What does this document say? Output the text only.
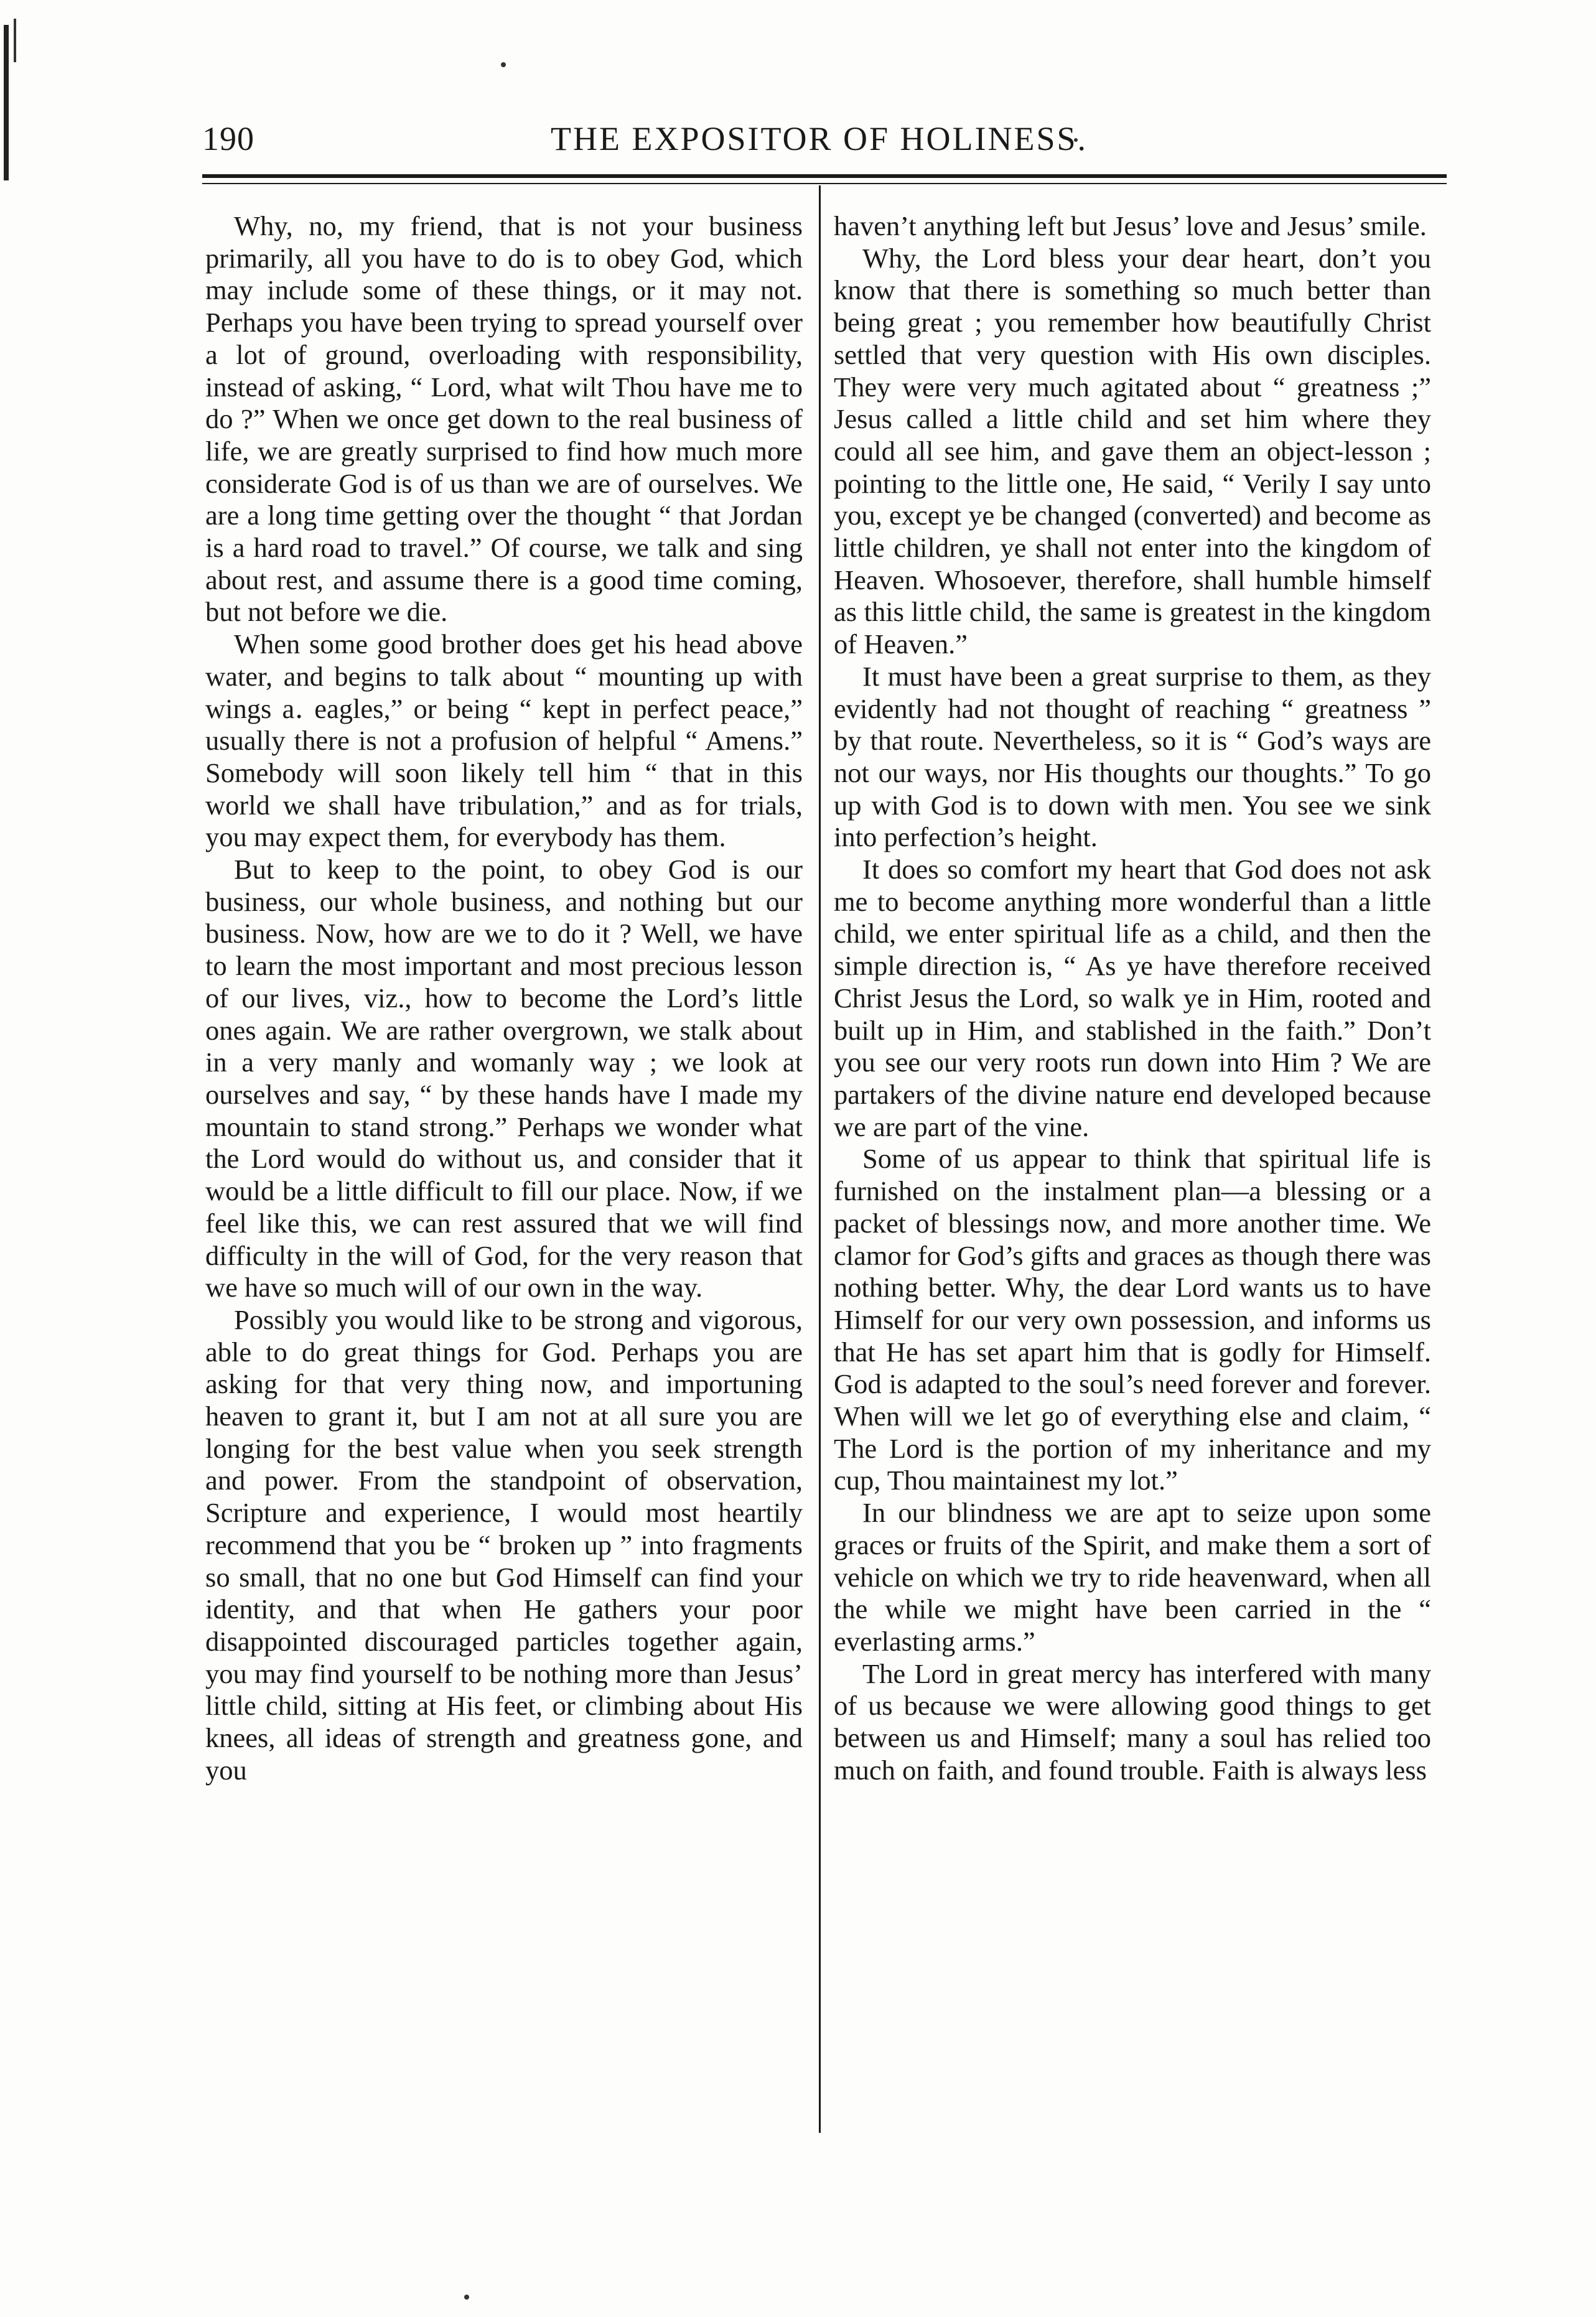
190	THE EXPOSITOR OF HOLINESS.

Why, no, my friend, that is not your business primarily, all you have to do is to obey God, which may include some of these things, or it may not. Perhaps you have been trying to spread yourself over a lot of ground, overloading with responsibility, instead of asking, “ Lord, what wilt Thou have me to do ?” When we once get down to the real business of life, we are greatly surprised to find how much more considerate God is of us than we are of ourselves. We are a long time getting over the thought “ that Jordan is a hard road to travel.” Of course, we talk and sing about rest, and assume there is a good time coming, but not before we die.

When some good brother does get his head above water, and begins to talk about “ mounting up with wings a․ eagles,” or being “ kept in perfect peace,” usually there is not a profusion of helpful “ Amens.” Somebody will soon likely tell him “ that in this world we shall have tribulation,” and as for trials, you may expect them, for everybody has them.

But to keep to the point, to obey God is our business, our whole business, and nothing but our business. Now, how are we to do it ? Well, we have to learn the most important and most precious lesson of our lives, viz., how to become the Lord’s little ones again. We are rather overgrown, we stalk about in a very manly and womanly way ; we look at ourselves and say, “ by these hands have I made my mountain to stand strong.” Perhaps we wonder what the Lord would do without us, and consider that it would be a little difficult to fill our place. Now, if we feel like this, we can rest assured that we will find difficulty in the will of God, for the very reason that we have so much will of our own in the way.

Possibly you would like to be strong and vigorous, able to do great things for God. Perhaps you are asking for that very thing now, and importuning heaven to grant it, but I am not at all sure you are longing for the best value when you seek strength and power. From the standpoint of observation, Scripture and experience, I would most heartily recommend that you be “ broken up ” into fragments so small, that no one but God Himself can find your identity, and that when He gathers your poor disappointed discouraged particles together again, you may find yourself to be nothing more than Jesus’ little child, sitting at His feet, or climbing about His knees, all ideas of strength and greatness gone, and you

haven’t anything left but Jesus’ love and Jesus’ smile.

Why, the Lord bless your dear heart, don’t you know that there is something so much better than being great ; you remember how beautifully Christ settled that very question with His own disciples. They were very much agitated about “ greatness ;” Jesus called a little child and set him where they could all see him, and gave them an object-lesson ; pointing to the little one, He said, “ Verily I say unto you, except ye be changed (converted) and become as little children, ye shall not enter into the kingdom of Heaven. Whosoever, therefore, shall humble himself as this little child, the same is greatest in the kingdom of Heaven.”

It must have been a great surprise to them, as they evidently had not thought of reaching “ greatness ” by that route. Nevertheless, so it is “ God’s ways are not our ways, nor His thoughts our thoughts.” To go up with God is to down with men. You see we sink into perfection’s height.

It does so comfort my heart that God does not ask me to become anything more wonderful than a little child, we enter spiritual life as a child, and then the simple direction is, “ As ye have therefore received Christ Jesus the Lord, so walk ye in Him, rooted and built up in Him, and stablished in the faith.” Don’t you see our very roots run down into Him ? We are partakers of the divine nature end developed because we are part of the vine.

Some of us appear to think that spiritual life is furnished on the instalment plan—a blessing or a packet of blessings now, and more another time. We clamor for God’s gifts and graces as though there was nothing better. Why, the dear Lord wants us to have Himself for our very own possession, and informs us that He has set apart him that is godly for Himself. God is adapted to the soul’s need forever and forever. When will we let go of everything else and claim, “ The Lord is the portion of my inheritance and my cup, Thou maintainest my lot.”

In our blindness we are apt to seize upon some graces or fruits of the Spirit, and make them a sort of vehicle on which we try to ride heavenward, when all the while we might have been carried in the “ everlasting arms.”

The Lord in great mercy has interfered with many of us because we were allowing good things to get between us and Himself; many a soul has relied too much on faith, and found trouble. Faith is always less
